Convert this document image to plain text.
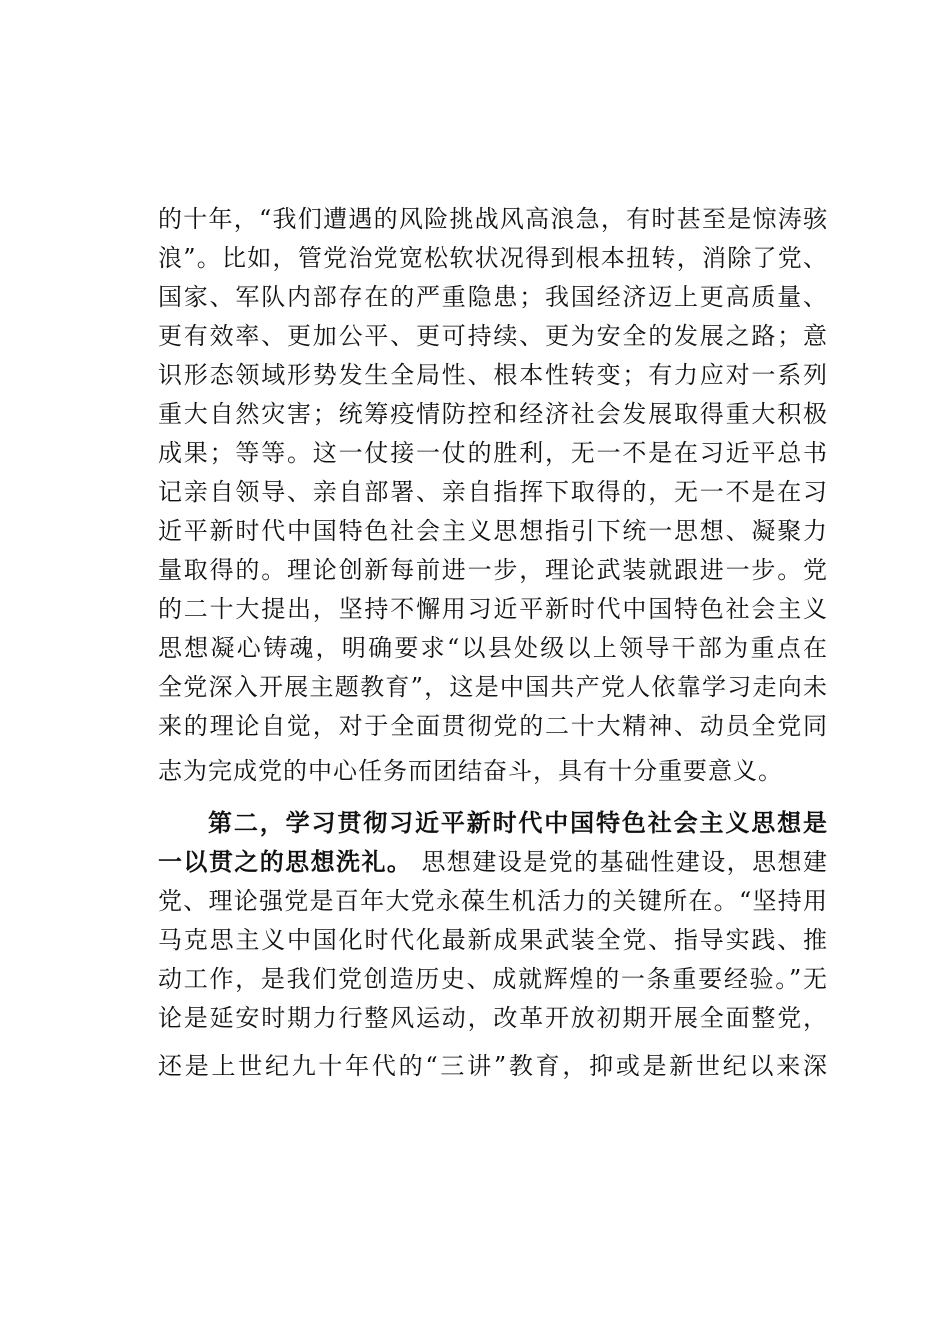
的十年，“我们遭遇的风险挑战风高浪急，有时甚至是惊涛骇
浪”。比如，管党治党宽松软状况得到根本扭转，消除了党、
国家、军队内部存在的严重隐患；我国经济迈上更高质量、
更有效率、更加公平、更可持续、更为安全的发展之路；意
识形态领域形势发生全局性、根本性转变；有力应对一系列
重大自然灾害；统筹疫情防控和经济社会发展取得重大积极
成果；等等。这一仗接一仗的胜利，无一不是在习近平总书
记亲自领导、亲自部署、亲自指挥下取得的，无一不是在习
近平新时代中国特色社会主义思想指引下统一思想、凝聚力
量取得的。理论创新每前进一步，理论武装就跟进一步。党
的二十大提出，坚持不懈用习近平新时代中国特色社会主义
思想凝心铸魂，明确要求“以县处级以上领导干部为重点在
全党深入开展主题教育”，这是中国共产党人依靠学习走向未
来的理论自觉，对于全面贯彻党的二十大精神、动员全党同
志为完成党的中心任务而团结奋斗，具有十分重要意义。
第二，学习贯彻习近平新时代中国特色社会主义思想是
一以贯之的思想洗礼。 思想建设是党的基础性建设，思想建
党、理论强党是百年大党永葆生机活力的关键所在。“坚持用
马克思主义中国化时代化最新成果武装全党、指导实践、推
动工作，是我们党创造历史、成就辉煌的一条重要经验。”无
论是延安时期力行整风运动，改革开放初期开展全面整党，
还是上世纪九十年代的“三讲”教育，抑或是新世纪以来深
